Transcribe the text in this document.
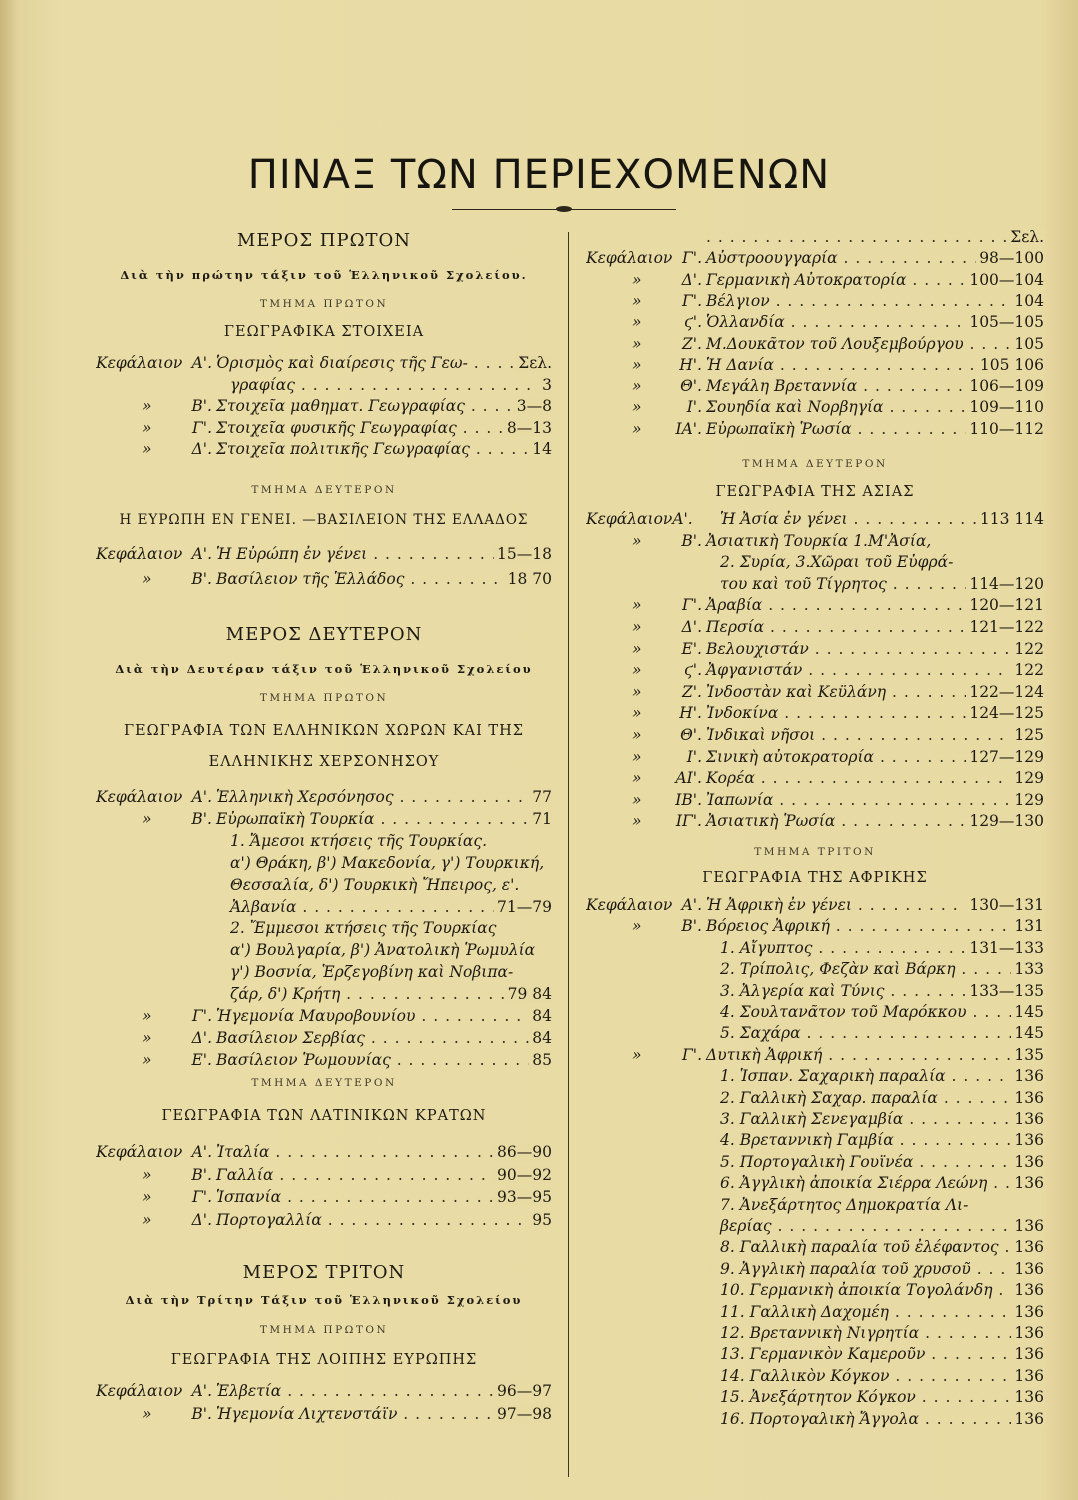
ΠΙΝΑΞ ΤΩΝ ΠΕΡΙΕΧΟΜΕΝΩΝ
ΜΕΡΟΣ ΠΡΩΤΟΝ
Διὰ τὴν πρώτην τάξιν τοῦ Ἑλληνικοῦ Σχολείου.
ΤΜΗΜΑ ΠΡΩΤΟΝ
ΓΕΩΓΡΑΦΙΚΑ ΣΤΟΙΧΕΙΑ
Κεφάλαιον Α'. Ὁρισμὸς καὶ διαίρεσις τῆς Γεω- . . .	Σελ.
γραφίας . . .	3
»	Β'. Στοιχεῖα μαθηματ. Γεωγραφίας . . .	3—8
»	Γ'. Στοιχεῖα φυσικῆς Γεωγραφίας . . .	8—13
»	Δ'. Στοιχεῖα πολιτικῆς Γεωγραφίας . . .	14
ΤΜΗΜΑ ΔΕΥΤΕΡΟΝ
Η ΕΥΡΩΠΗ ΕΝ ΓΕΝΕΙ. —ΒΑΣΙΛΕΙΟΝ ΤΗΣ ΕΛΛΑΔΟΣ
Κεφάλαιον Α'. Ἡ Εὐρώπη ἐν γένει . . .	15—18
»	Β'. Βασίλειον τῆς Ἑλλάδος . . .	18 70
ΜΕΡΟΣ ΔΕΥΤΕΡΟΝ
Διὰ τὴν Δευτέραν τάξιν τοῦ Ἑλληνικοῦ Σχολείου
ΤΜΗΜΑ ΠΡΩΤΟΝ
ΓΕΩΓΡΑΦΙΑ ΤΩΝ ΕΛΛΗΝΙΚΩΝ ΧΩΡΩΝ ΚΑΙ ΤΗΣ
ΕΛΛΗΝΙΚΗΣ ΧΕΡΣΟΝΗΣΟΥ
Κεφάλαιον Α'. Ἑλληνικὴ Χερσόνησος . . .	77
»	Β'. Εὐρωπαϊκὴ Τουρκία . . .	71
1. Ἄμεσοι κτήσεις τῆς Τουρκίας.
α') Θράκη, β') Μακεδονία, γ') Τουρκική,
Θεσσαλία, δ') Τουρκικὴ Ἤπειρος, ε'.
Ἀλβανία . . .	71—79
2. Ἔμμεσοι κτήσεις τῆς Τουρκίας
α') Βουλγαρία, β') Ἀνατολικὴ Ῥωμυλία
γ') Βοσνία, Ἑρζεγοβίνη καὶ Νοβιπα-
ζάρ, δ') Κρήτη . . .	79 84
»	Γ'. Ἡγεμονία Μαυροβουνίου . . .	84
»	Δ'. Βασίλειον Σερβίας . . .	84
»	Ε'. Βασίλειον Ῥωμουνίας . . .	85
ΤΜΗΜΑ ΔΕΥΤΕΡΟΝ
ΓΕΩΓΡΑΦΙΑ ΤΩΝ ΛΑΤΙΝΙΚΩΝ ΚΡΑΤΩΝ
Κεφάλαιον Α'. Ἰταλία . . .	86—90
»	Β'. Γαλλία . . .	90—92
»	Γ'. Ἱσπανία . . .	93—95
»	Δ'. Πορτογαλλία . . .	95
ΜΕΡΟΣ ΤΡΙΤΟΝ
Διὰ τὴν Τρίτην Τάξιν τοῦ Ἑλληνικοῦ Σχολείου
ΤΜΗΜΑ ΠΡΩΤΟΝ
ΓΕΩΓΡΑΦΙΑ ΤΗΣ ΛΟΙΠΗΣ ΕΥΡΩΠΗΣ
Κεφάλαιον Α'. Ἑλβετία . . .	96—97
»	Β'. Ἡγεμονία Λιχτενστάϊν . . .	97—98
. . .
Σελ.
Κεφάλαιον Γ'. Αὐστροουγγαρία . . .	98—100
»	Δ'. Γερμανικὴ Αὐτοκρατορία . . .	100—104
»	Γ'. Βέλγιον . . .	104
»	ϛ'. Ὁλλανδία . . .	105—105
»	Ζ'. Μ.Δουκᾶτον τοῦ Λουξεμβούργου . . .	105
»	Η'. Ἡ Δανία . . .	105 106
»	Θ'. Μεγάλη Βρεταννία . . .	106—109
»	Ι'. Σουηδία καὶ Νορβηγία . . .	109—110
»	ΙΑ'. Εὐρωπαϊκὴ Ῥωσία . . .	110—112
ΤΜΗΜΑ ΔΕΥΤΕΡΟΝ
ΓΕΩΓΡΑΦΙΑ ΤΗΣ ΑΣΙΑΣ
ΚεφάλαιονΑ'. Ἡ Ἀσία ἐν γένει . . .	113 114
»	Β'. Ἀσιατικὴ Τουρκία 1.Μ'Ἀσία,
2. Συρία, 3.Χῶραι τοῦ Εὐφρά-
του καὶ τοῦ Τίγρητος . . .	114—120
»	Γ'. Ἀραβία . . .	120—121
»	Δ'. Περσία . . .	121—122
»	Ε'. Βελουχιστάν . . .	122
»	ϛ'. Ἀφγανιστάν . . .	122
»	Ζ'. Ἰνδοστὰν καὶ Κεϋλάνη . . .	122—124
»	Η'. Ἰνδοκίνα . . .	124—125
»	Θ'. Ἰνδικαὶ νῆσοι . . .	125
»	Ι'. Σινικὴ αὐτοκρατορία . . .	127—129
»	ΑΙ'. Κορέα . . .	129
»	ΙΒ'. Ἰαπωνία . . .	129
»	ΙΓ'. Ἀσιατικὴ Ῥωσία . . .	129—130
ΤΜΗΜΑ ΤΡΙΤΟΝ
ΓΕΩΓΡΑΦΙΑ ΤΗΣ ΑΦΡΙΚΗΣ
Κεφάλαιον Α'. Ἡ Ἀφρικὴ ἐν γένει . . .	130—131
»	Β'. Βόρειος Ἀφρική . . .	131
1. Αἴγυπτος . . .	131—133
2. Τρίπολις, Φεζὰν καὶ Βάρκη . . .	133
3. Ἀλγερία καὶ Τύνις . . .	133—135
4. Σουλτανᾶτον τοῦ Μαρόκκου . . .	145
5. Σαχάρα . . .	145
»	Γ'. Δυτικὴ Ἀφρική . . .	135
1. Ἱσπαν. Σαχαρικὴ παραλία . . .	136
2. Γαλλικὴ Σαχαρ. παραλία . . .	136
3. Γαλλικὴ Σενεγαμβία . . .	136
4. Βρεταννικὴ Γαμβία . . .	136
5. Πορτογαλικὴ Γουϊνέα . . .	136
6. Ἀγγλικὴ ἀποικία Σιέρρα Λεώνη . . .	136
7. Ἀνεξάρτητος Δημοκρατία Λι-
βερίας . . .	136
8. Γαλλικὴ παραλία τοῦ ἐλέφαντος . . .	136
9. Ἀγγλικὴ παραλία τοῦ χρυσοῦ . . .	136
10. Γερμανικὴ ἀποικία Τογολάνδη . . .	136
11. Γαλλικὴ Δαχομέη . . .	136
12. Βρεταννικὴ Νιγρητία . . .	136
13. Γερμανικὸν Καμεροῦν . . .	136
14. Γαλλικὸν Κόγκον . . .	136
15. Ἀνεξάρτητον Κόγκον . . .	136
16. Πορτογαλικὴ Ἄγγολα . . .	136
